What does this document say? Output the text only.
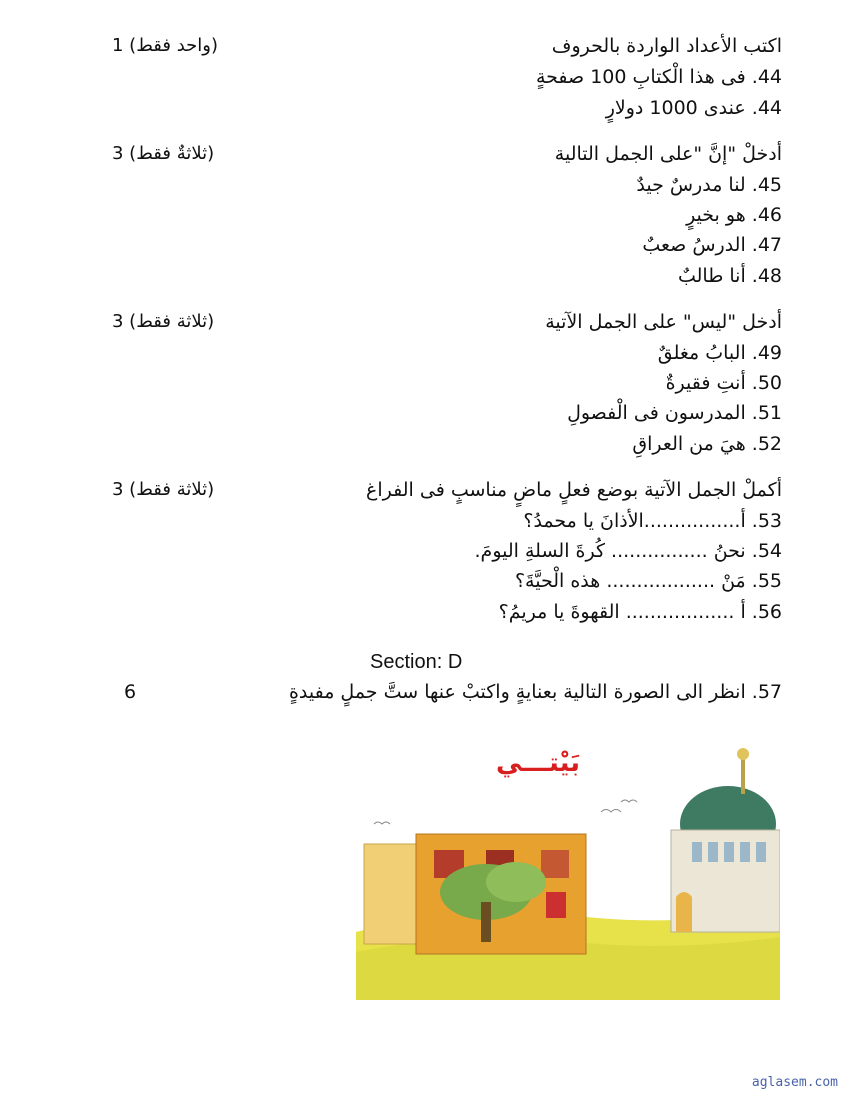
اكتب الأعداد الواردة بالحروف
(واحد فقط) 1
44. فى هذا الْكتابِ 100 صفحةٍ
44. عندى 1000 دولارٍ
أدخلْ "إنَّ "على الجمل التالية
(ثلاثةٌ فقط) 3
45. لنا مدرسٌ جيدٌ
46. هو بخيرٍ
47. الدرسُ صعبٌ
48. أنا طالبٌ
أدخل "ليس" على الجمل الآتية
(ثلاثة فقط) 3
49. البابُ مغلقٌ
50. أنتِ فقيرةٌ
51. المدرسون فى الْفصولِ
52. هيَ من العراقِ
أكملْ الجمل الآتية بوضع فعلٍ ماضٍ مناسبٍ فى الفراغ
(ثلاثة فقط) 3
53. أ................الأذانَ يا محمدُ؟
54. نحنُ ................ كُرةَ السلةِ اليومَ.
55. مَنْ .................. هذه الْحيَّةَ؟
56. أ .................. القهوةَ يا مريمُ؟
Section: D
57. انظر الى الصورة التالية بعنايةٍ واكتبْ عنها ستَّ جملٍ مفيدةٍ
6
بَيْتـــي
aglasem.com
